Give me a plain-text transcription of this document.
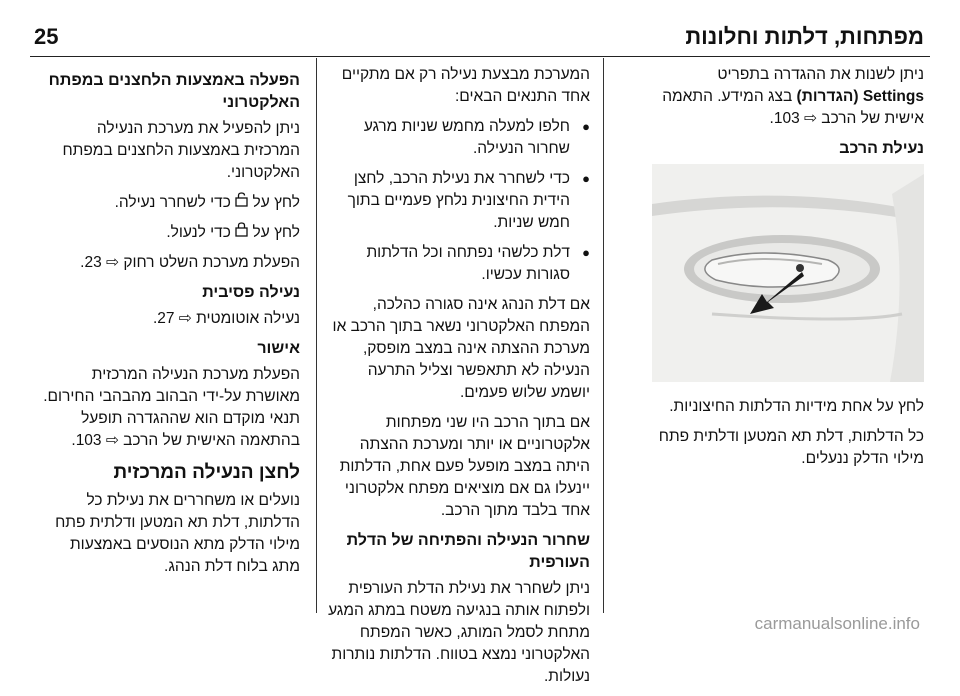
25	מפתחות, דלתות וחלונות

ניתן לשנות את ההגדרה בתפריט Settings (הגדרות) בצג המידע. התאמה אישית של הרכב ⇨ 103.

נעילת הרכב

לחץ על אחת מידיות הדלתות החיצוניות.

כל הדלתות, דלת תא המטען ודלתית פתח מילוי הדלק ננעלים.

המערכת מבצעת נעילה רק אם מתקיים אחד התנאים הבאים:

● חלפו למעלה מחמש שניות מרגע שחרור הנעילה.
● כדי לשחרר את נעילת הרכב, לחצן הידית החיצונית נלחץ פעמיים בתוך חמש שניות.
● דלת כלשהי נפתחה וכל הדלתות סגורות עכשיו.

אם דלת הנהג אינה סגורה כהלכה, המפתח האלקטרוני נשאר בתוך הרכב או מערכת ההצתה אינה במצב מופסק, הנעילה לא תתאפשר וצליל התרעה יושמע שלוש פעמים.

אם בתוך הרכב היו שני מפתחות אלקטרוניים או יותר ומערכת ההצתה היתה במצב מופעל פעם אחת, הדלתות יינעלו גם אם מוציאים מפתח אלקטרוני אחד בלבד מתוך הרכב.

שחרור הנעילה והפתיחה של הדלת העורפית

ניתן לשחרר את נעילת הדלת העורפית ולפתוח אותה בנגיעה משטח במתג המגע מתחת לסמל המותג, כאשר המפתח האלקטרוני נמצא בטווח. הדלתות נותרות נעולות.

הפעלה באמצעות הלחצנים במפתח האלקטרוני

ניתן להפעיל את מערכת הנעילה המרכזית באמצעות הלחצנים במפתח האלקטרוני.

לחץ על  כדי לשחרר נעילה.

לחץ על  כדי לנעול.

הפעלת מערכת השלט רחוק ⇨ 23.

נעילה פסיבית

נעילה אוטומטית ⇨ 27.

אישור

הפעלת מערכת הנעילה המרכזית מאושרת על-ידי הבהוב מהבהבי החירום. תנאי מוקדם הוא שההגדרה תופעל בהתאמה האישית של הרכב ⇨ 103.

לחצן הנעילה המרכזית

נועלים או משחררים את נעילת כל הדלתות, דלת תא המטען ודלתית פתח מילוי הדלק מתא הנוסעים באמצעות מתג בלוח דלת הנהג.

carmanualsonline.info
